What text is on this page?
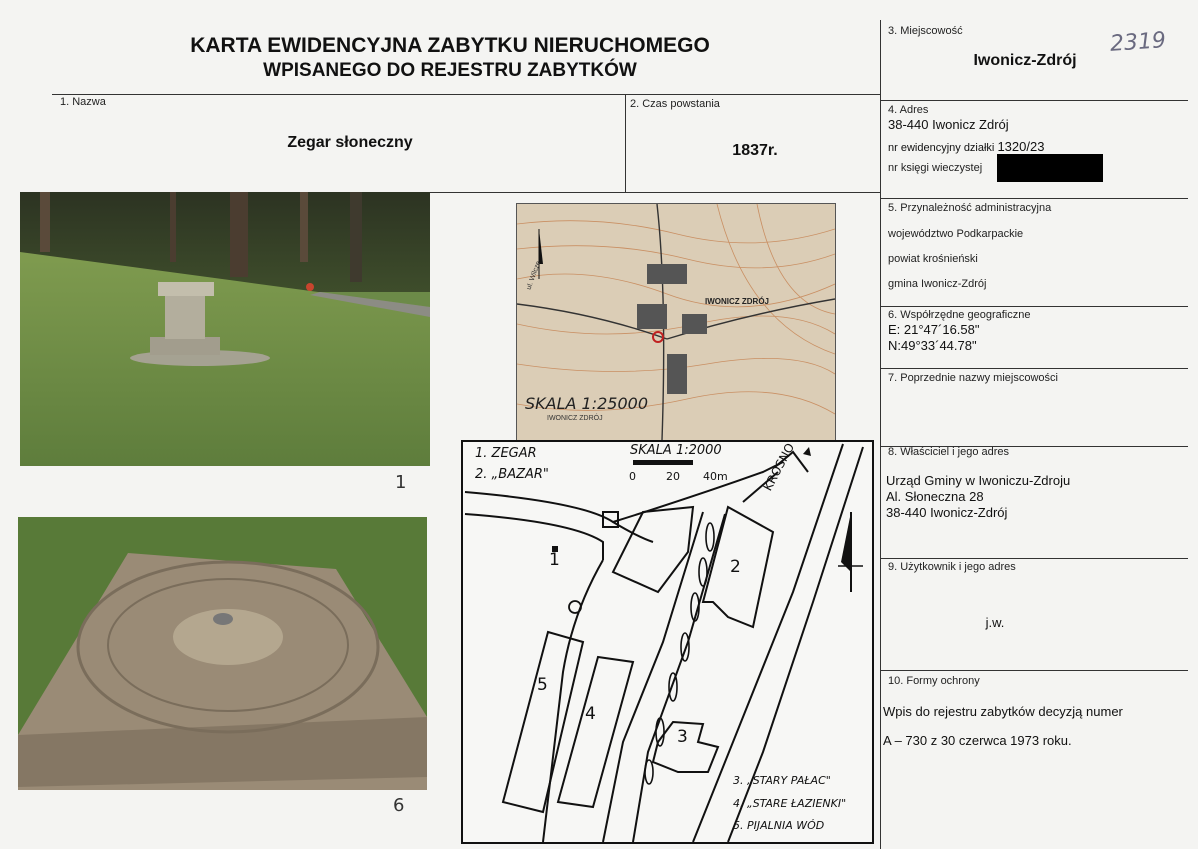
KARTA EWIDENCYJNA ZABYTKU NIERUCHOMEGO
WPISANEGO DO REJESTRU ZABYTKÓW
2319
1. Nazwa
Zegar słoneczny
2. Czas powstania
1837r.
3. Miejscowość
Iwonicz-Zdrój
4. Adres
38-440 Iwonicz Zdrój
nr ewidencyjny działki 1320/23
nr księgi wieczystej
5. Przynależność administracyjna
województwo Podkarpackie
powiat krośnieński
gmina Iwonicz-Zdrój
6. Współrzędne geograficzne
E: 21°47´16.58"
N:49°33´44.78"
7. Poprzednie nazwy miejscowości
8. Właściciel i jego adres
Urząd Gminy w Iwoniczu-Zdroju
Al. Słoneczna 28
38-440 Iwonicz-Zdrój
9. Użytkownik i jego adres
j.w.
10. Formy ochrony
Wpis do rejestru zabytków decyzją numer
A – 730 z 30 czerwca 1973 roku.
1
6
IWONICZ ZDRÓJ
ul. Wilcze
SKALA 1:25000
IWONICZ ZDRÓJ
1. ZEGAR
2. „BAZAR"
SKALA 1:2000
0	20 40m	KROSNO
1	2
3
4
5
3. „STARY PAŁAC"
4. „STARE ŁAZIENKI"
5. PIJALNIA WÓD
